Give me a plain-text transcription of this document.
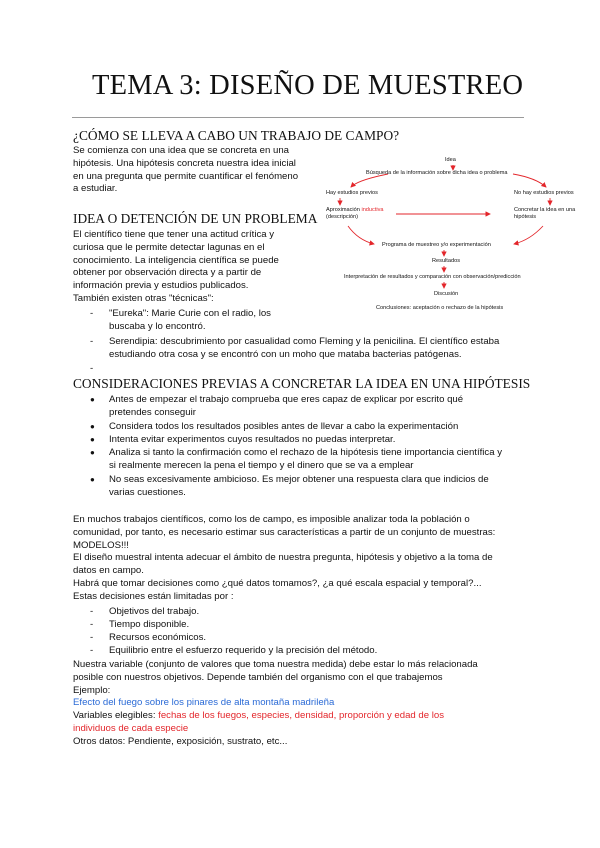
TEMA 3: DISEÑO DE MUESTREO
¿CÓMO SE LLEVA A CABO UN TRABAJO DE CAMPO?
Se comienza con una idea que se concreta en una
hipótesis. Una hipótesis concreta nuestra idea inicial
en una pregunta que permite cuantificar el fenómeno
a estudiar.
IDEA O DETENCIÓN DE UN PROBLEMA
El científico tiene que tener una actitud crítica y
curiosa que le permite detectar lagunas en el
conocimiento. La inteligencia científica se puede
obtener por observación directa y a partir de
información previa y estudios publicados.
También existen otras "técnicas":
- "Eureka": Marie Curie con el radio, los
buscaba y lo encontró.
- Serendipia: descubrimiento por casualidad como Fleming y la penicilina. El científico estaba
estudiando otra cosa y se encontró con un moho que mataba bacterias patógenas.
-
Idea
Búsqueda de la información sobre dicha idea o problema
Hay estudios previos	No hay estudios previos
Aproximación inductiva
(descripción)
Concretar la idea en una
hipótesis
Programa de muestreo y/o experimentación
Resultados
Interpretación de resultados y comparación con observación/predicción
Discusión
Conclusiones: aceptación o rechazo de la hipótesis
CONSIDERACIONES PREVIAS A CONCRETAR LA IDEA EN UNA HIPÓTESIS
● Antes de empezar el trabajo comprueba que eres capaz de explicar por escrito qué
pretendes conseguir
● Considera todos los resultados posibles antes de llevar a cabo la experimentación
● Intenta evitar experimentos cuyos resultados no puedas interpretar.
● Analiza si tanto la confirmación como el rechazo de la hipótesis tiene importancia científica y
si realmente merecen la pena el tiempo y el dinero que se va a emplear
● No seas excesivamente ambicioso. Es mejor obtener una respuesta clara que indicios de
varias cuestiones.
En muchos trabajos científicos, como los de campo, es imposible analizar toda la población o
comunidad, por tanto, es necesario estimar sus características a partir de un conjunto de muestras:
MODELOS!!!
El diseño muestral intenta adecuar el ámbito de nuestra pregunta, hipótesis y objetivo a la toma de
datos en campo.
Habrá que tomar decisiones como ¿qué datos tomamos?, ¿a qué escala espacial y temporal?...
Estas decisiones están limitadas por :
- Objetivos del trabajo.
- Tiempo disponible.
- Recursos económicos.
- Equilibrio entre el esfuerzo requerido y la precisión del método.
Nuestra variable (conjunto de valores que toma nuestra medida) debe estar lo más relacionada
posible con nuestros objetivos. Depende también del organismo con el que trabajemos
Ejemplo:
Efecto del fuego sobre los pinares de alta montaña madrileña
Variables elegibles: fechas de los fuegos, especies, densidad, proporción y edad de los
individuos de cada especie
Otros datos: Pendiente, exposición, sustrato, etc...
